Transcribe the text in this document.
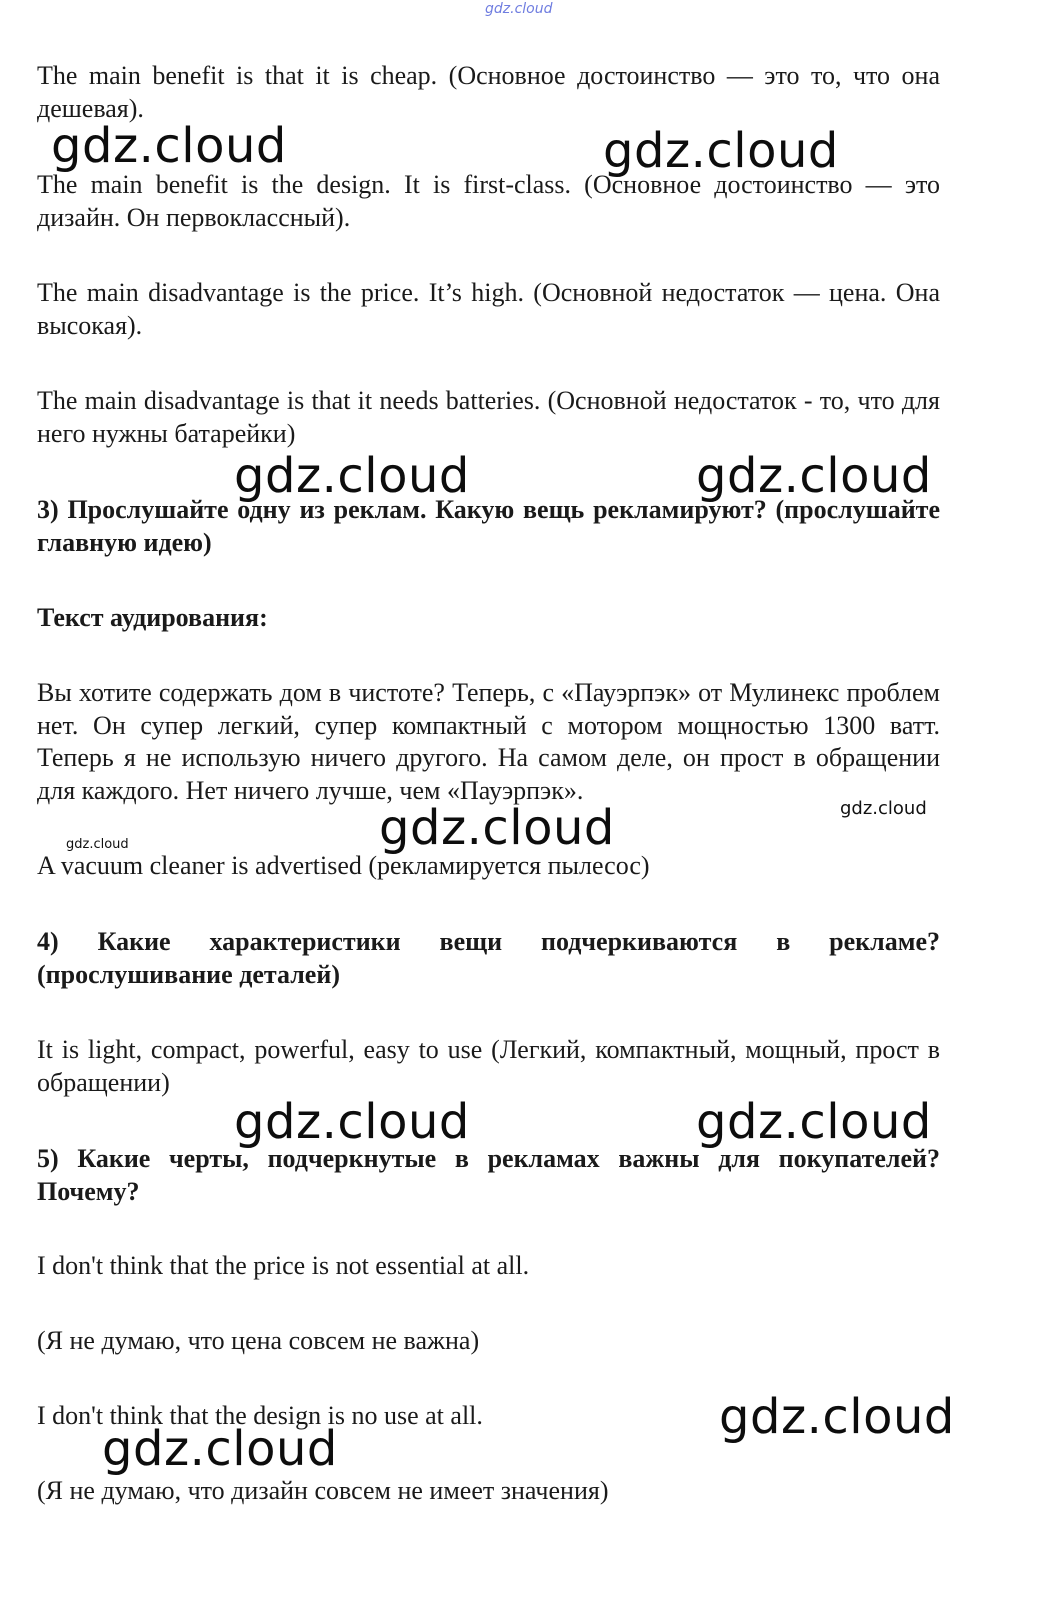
gdz.cloud

The main benefit is that it is cheap. (Основное достоинство — это то, что она дешевая).

The main benefit is the design. It is first-class. (Основное достоинство — это дизайн. Он первоклассный).

The main disadvantage is the price. It’s high. (Основной недостаток — цена. Она высокая).

The main disadvantage is that it needs batteries. (Основной недостаток - то, что для него нужны батарейки)

3) Прослушайте одну из реклам. Какую вещь рекламируют? (прослушайте главную идею)

Текст аудирования:

Вы хотите содержать дом в чистоте? Теперь, с «Пауэрпэк» от Мулинекс проблем нет. Он супер легкий, супер компактный с мотором мощностью 1300 ватт. Теперь я не использую ничего другого. На самом деле, он прост в обращении для каждого. Нет ничего лучше, чем «Пауэрпэк».

A vacuum cleaner is advertised (рекламируется пылесос)

4) Какие характеристики вещи подчеркиваются в рекламе? (прослушивание деталей)

It is light, compact, powerful, easy to use (Легкий, компактный, мощный, прост в обращении)

5) Какие черты, подчеркнутые в рекламах важны для покупателей? Почему?

I don't think that the price is not essential at all.

(Я не думаю, что цена совсем не важна)

I don't think that the design is no use at all.

(Я не думаю, что дизайн совсем не имеет значения)

gdz.cloud	gdz.cloud
gdz.cloud	gdz.cloud
gdz.cloud	gdz.cloud
gdz.cloud
gdz.cloud	gdz.cloud
gdz.cloud
gdz.cloud
